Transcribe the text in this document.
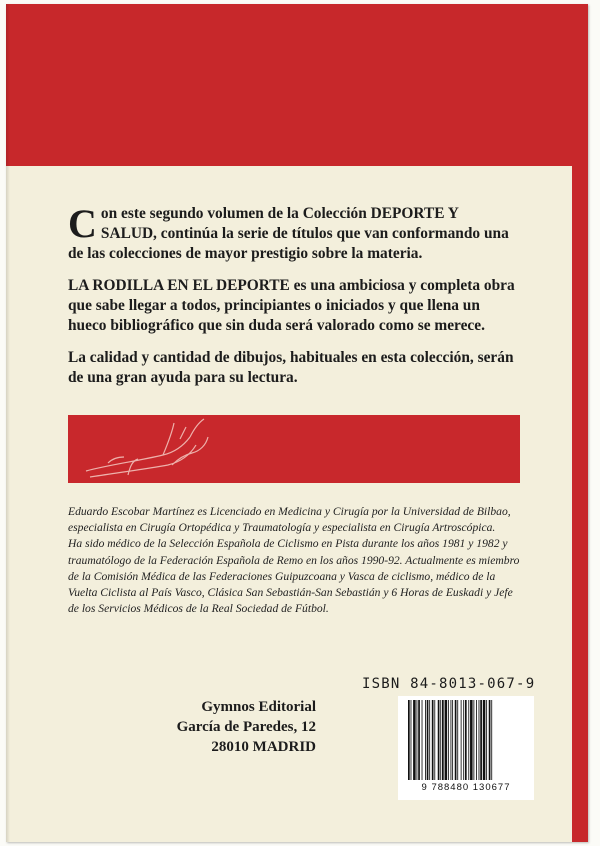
Con este segundo volumen de la Colección DEPORTE Y SALUD, continúa la serie de títulos que van conformando una de las colecciones de mayor prestigio sobre la materia.

LA RODILLA EN EL DEPORTE es una ambiciosa y completa obra que sabe llegar a todos, principiantes o iniciados y que llena un hueco bibliográfico que sin duda será valorado como se merece.

La calidad y cantidad de dibujos, habituales en esta colección, serán de una gran ayuda para su lectura.

Eduardo Escobar Martínez es Licenciado en Medicina y Cirugía por la Universidad de Bilbao, especialista en Cirugía Ortopédica y Traumatología y especialista en Cirugía Artroscópica.

Ha sido médico de la Selección Española de Ciclismo en Pista durante los años 1981 y 1982 y traumatólogo de la Federación Española de Remo en los años 1990-92. Actualmente es miembro de la Comisión Médica de las Federaciones Guipuzcoana y Vasca de ciclismo, médico de la Vuelta Ciclista al País Vasco, Clásica San Sebastián-San Sebastián y 6 Horas de Euskadi y Jefe de los Servicios Médicos de la Real Sociedad de Fútbol.

ISBN 84-8013-067-9
Gymnos Editorial
García de Paredes, 12
28010 MADRID
9 788480 130677
